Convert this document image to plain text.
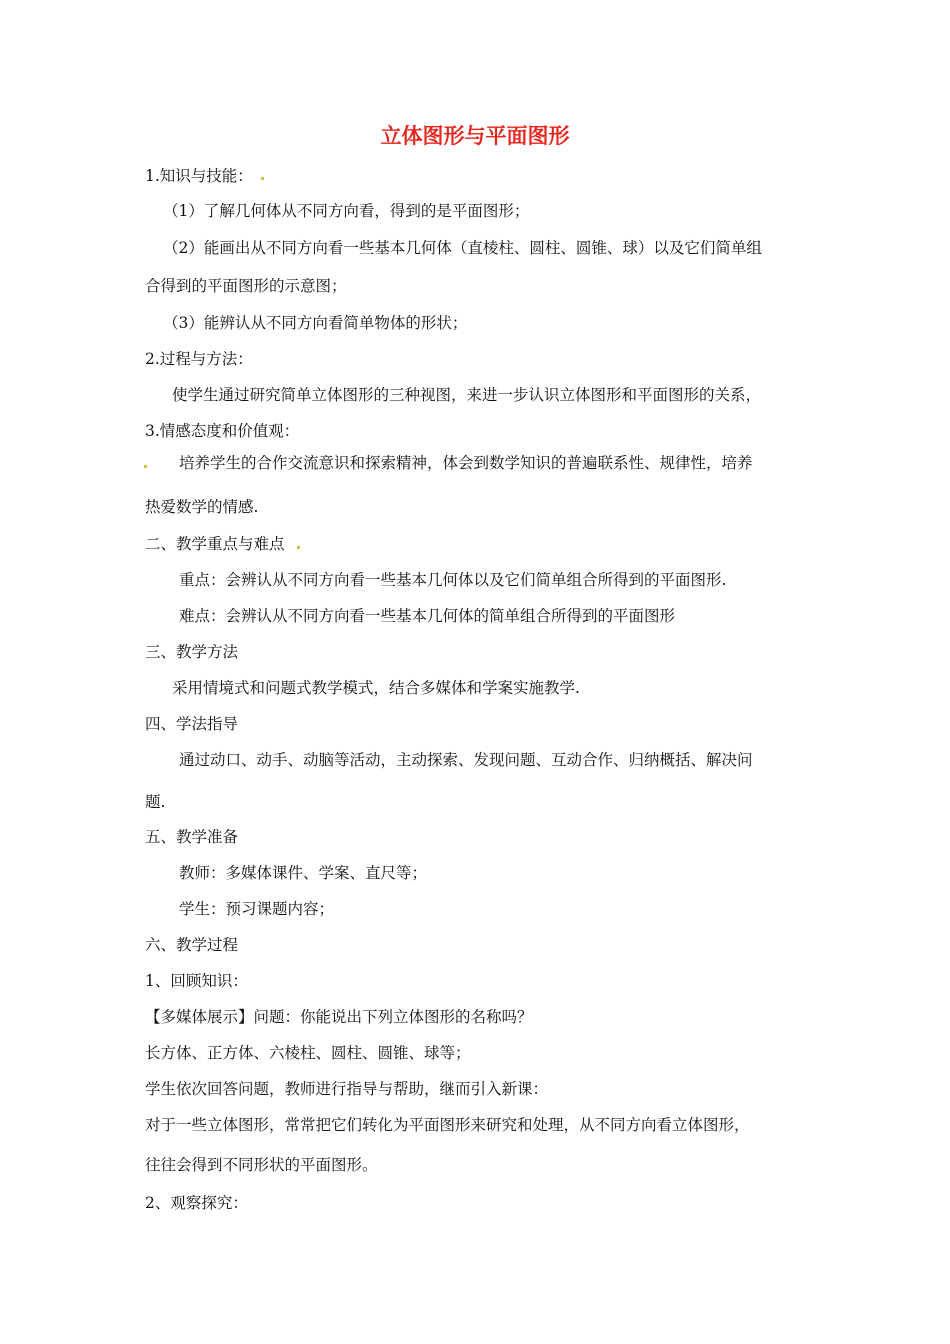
立体图形与平面图形
1.知识与技能：
（1）了解几何体从不同方向看，得到的是平面图形；
（2）能画出从不同方向看一些基本几何体（直棱柱、圆柱、圆锥、球）以及它们简单组
合得到的平面图形的示意图；
（3）能辨认从不同方向看简单物体的形状；
2.过程与方法：
使学生通过研究简单立体图形的三种视图，来进一步认识立体图形和平面图形的关系，
3.情感态度和价值观：
培养学生的合作交流意识和探索精神，体会到数学知识的普遍联系性、规律性，培养
热爱数学的情感.
二、教学重点与难点
重点：会辨认从不同方向看一些基本几何体以及它们简单组合所得到的平面图形.
难点：会辨认从不同方向看一些基本几何体的简单组合所得到的平面图形
三、教学方法
采用情境式和问题式教学模式，结合多媒体和学案实施教学.
四、学法指导
通过动口、动手、动脑等活动，主动探索、发现问题、互动合作、归纳概括、解决问
题.
五、教学准备
教师：多媒体课件、学案、直尺等；
学生：预习课题内容；
六、教学过程
1、回顾知识：
【多媒体展示】问题：你能说出下列立体图形的名称吗？
长方体、正方体、六棱柱、圆柱、圆锥、球等；
学生依次回答问题，教师进行指导与帮助，继而引入新课：
对于一些立体图形，常常把它们转化为平面图形来研究和处理，从不同方向看立体图形，
往往会得到不同形状的平面图形。
2、观察探究：
